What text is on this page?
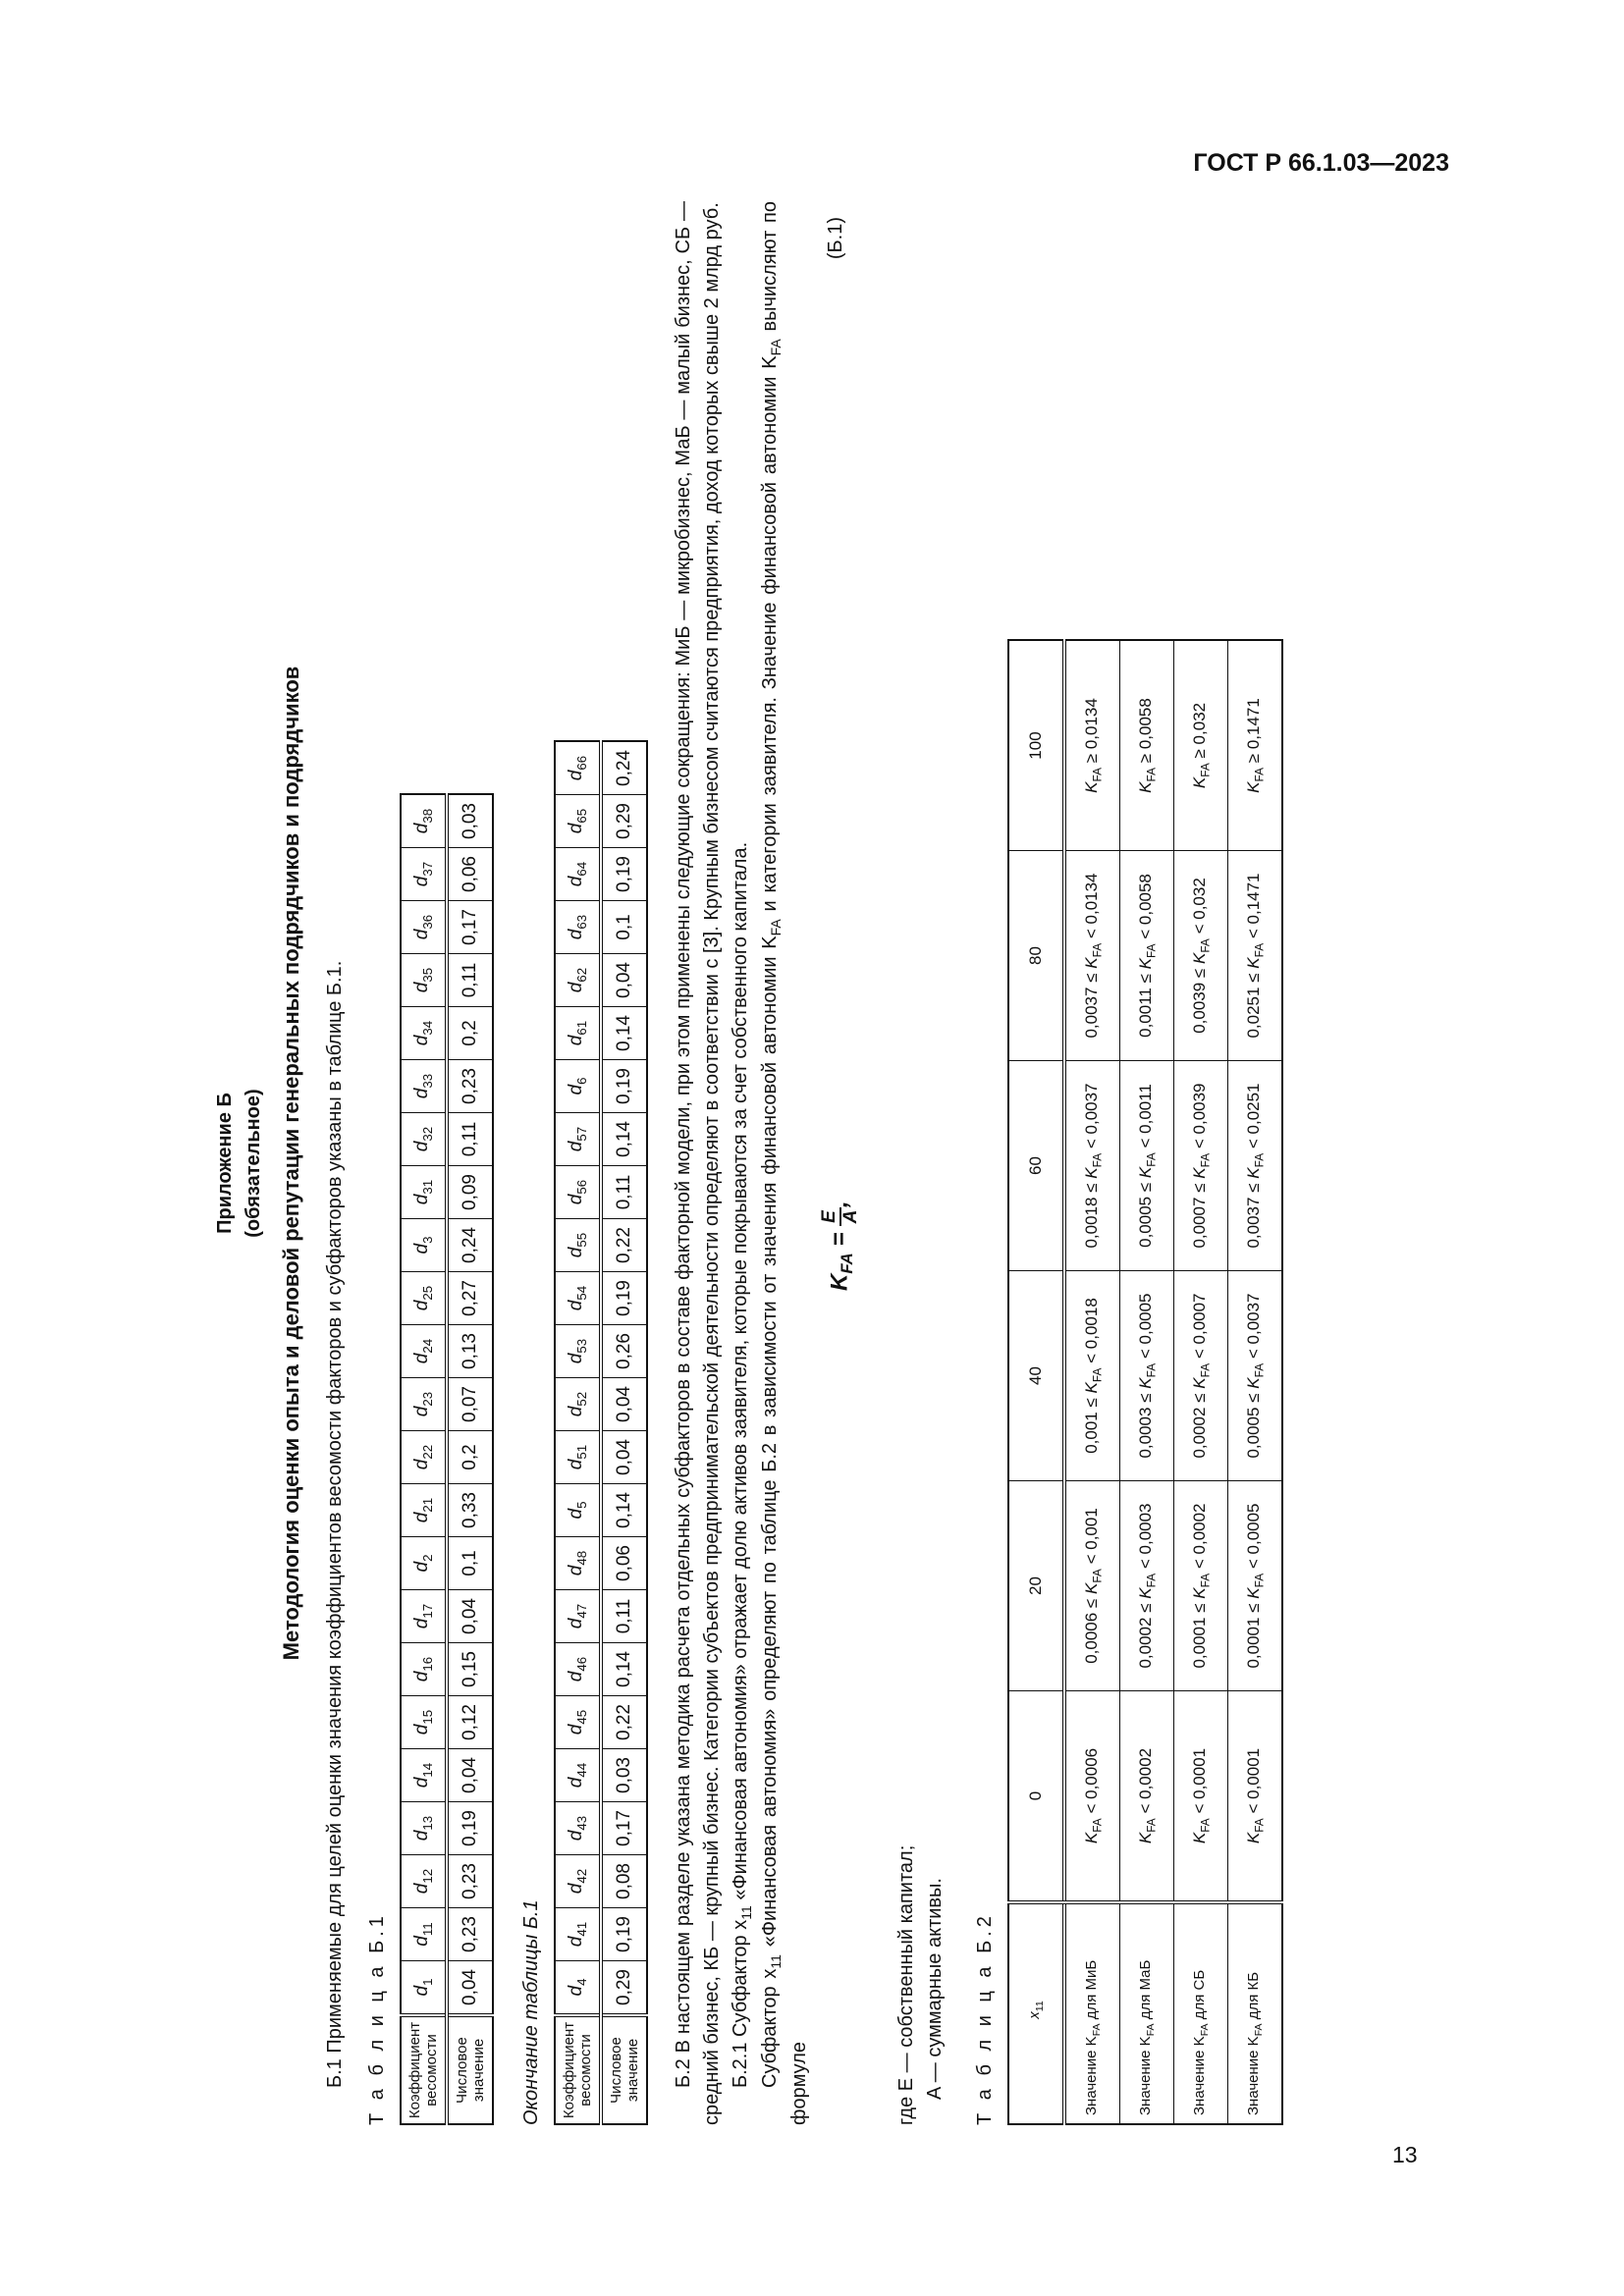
ГОСТ Р 66.1.03—2023

Приложение Б (обязательное) Методология оценки опыта и деловой репутации генеральных подрядчиков и подрядчиков Б.1 Применяемые для целей оценки значения коэффициентов весомости факторов и субфакторов указаны в таблице Б.1. Т а б л и ц а Б.1 Коэффициент весомости	$d_1$	$d_{11}$	$d_{12}$	$d_{13}$	$d_{14}$	$d_{15}$	$d_{16}$	$d_{17}$	$d_2$	$d_{21}$	$d_{22}$	$d_{23}$	$d_{24}$	$d_{25}$	$d_3$	$d_{31}$	$d_{32}$	$d_{33}$	$d_{34}$	$d_{35}$	$d_{36}$	$d_{37}$	$d_{38}$
Числовое значение	0,04	0,23	0,23	0,19	0,04	0,12	0,15	0,04	0,1	0,33	0,2	0,07	0,13	0,27	0,24	0,09	0,11	0,23	0,2	0,11	0,17	0,06	0,03

Окончание таблицы Б.1 Коэффициент весомости	$d_4$	$d_{41}$	$d_{42}$	$d_{43}$	$d_{44}$	$d_{45}$	$d_{46}$	$d_{47}$	$d_{48}$	$d_5$	$d_{51}$	$d_{52}$	$d_{53}$	$d_{54}$	$d_{55}$	$d_{56}$	$d_{57}$	$d_6$	$d_{61}$	$d_{62}$	$d_{63}$	$d_{64}$	$d_{65}$	$d_{66}$
Числовое значение	0,29	0,19	0,08	0,17	0,03	0,22	0,14	0,11	0,06	0,14	0,04	0,04	0,26	0,19	0,22	0,11	0,14	0,19	0,14	0,04	0,1	0,19	0,29	0,24 Б.2 В настоящем разделе указана методика расчета отдельных субфакторов в составе факторной модели, при этом применены следующие сокращения: МиБ — микробизнес, МаБ — малый бизнес, СБ — средний бизнес, КБ — крупный бизнес. Категории субъектов предпринимательской деятельности определяют в соответствии с [3]. Крупным бизнесом считаются предприятия, доход которых свыше 2 млрд руб. Б.2.1 Субфактор $x_{11}$ «Финансовая автономия» отражает долю активов заявителя, которые покрываются за счет собственного капитала.

Субфактор $x_{11}$ «Финансовая автономия» определяют по таблице Б.2 в зависимости от значения финансовой автономии $K_{FA}$ и категории заявителя. Значение финансовой автономии $K_{FA}$ вычисляют по формуле

$K_{FA}$ =
E A,
(Б.1)

где E — собственный капитал; A — суммарные активы. Т а б л и ц а Б.2 $x_{11}$	0	20	40	60	80	100
Значение $K_{FA}$ для МиБ	$K_{FA} < 0,0006$	$0,0006 \le K_{FA} < 0,001$	$0,001 \le K_{FA} < 0,0018$	$0,0018 \le K_{FA} < 0,0037$	$0,0037 \le K_{FA} < 0,0134$	$K_{FA} \ge 0,0134$
Значение $K_{FA}$ для МаБ	$K_{FA} < 0,0002$	$0,0002 \le K_{FA} < 0,0003$	$0,0003 \le K_{FA} < 0,0005$	$0,0005 \le K_{FA} < 0,0011$	$0,0011 \le K_{FA} < 0,0058$	$K_{FA} \ge 0,0058$
Значение $K_{FA}$ для СБ	$K_{FA} < 0,0001$	$0,0001 \le K_{FA} < 0,0002$	$0,0002 \le K_{FA} < 0,0007$	$0,0007 \le K_{FA} < 0,0039$	$0,0039 \le K_{FA} < 0,032$	$K_{FA} \ge 0,032$
Значение $K_{FA}$ для КБ	$K_{FA} < 0,0001$	$0,0001 \le K_{FA} < 0,0005$	$0,0005 \le K_{FA} < 0,0037$	$0,0037 \le K_{FA} < 0,0251$	$0,0251 \le K_{FA} < 0,1471$	$K_{FA} \ge 0,1471$
13
